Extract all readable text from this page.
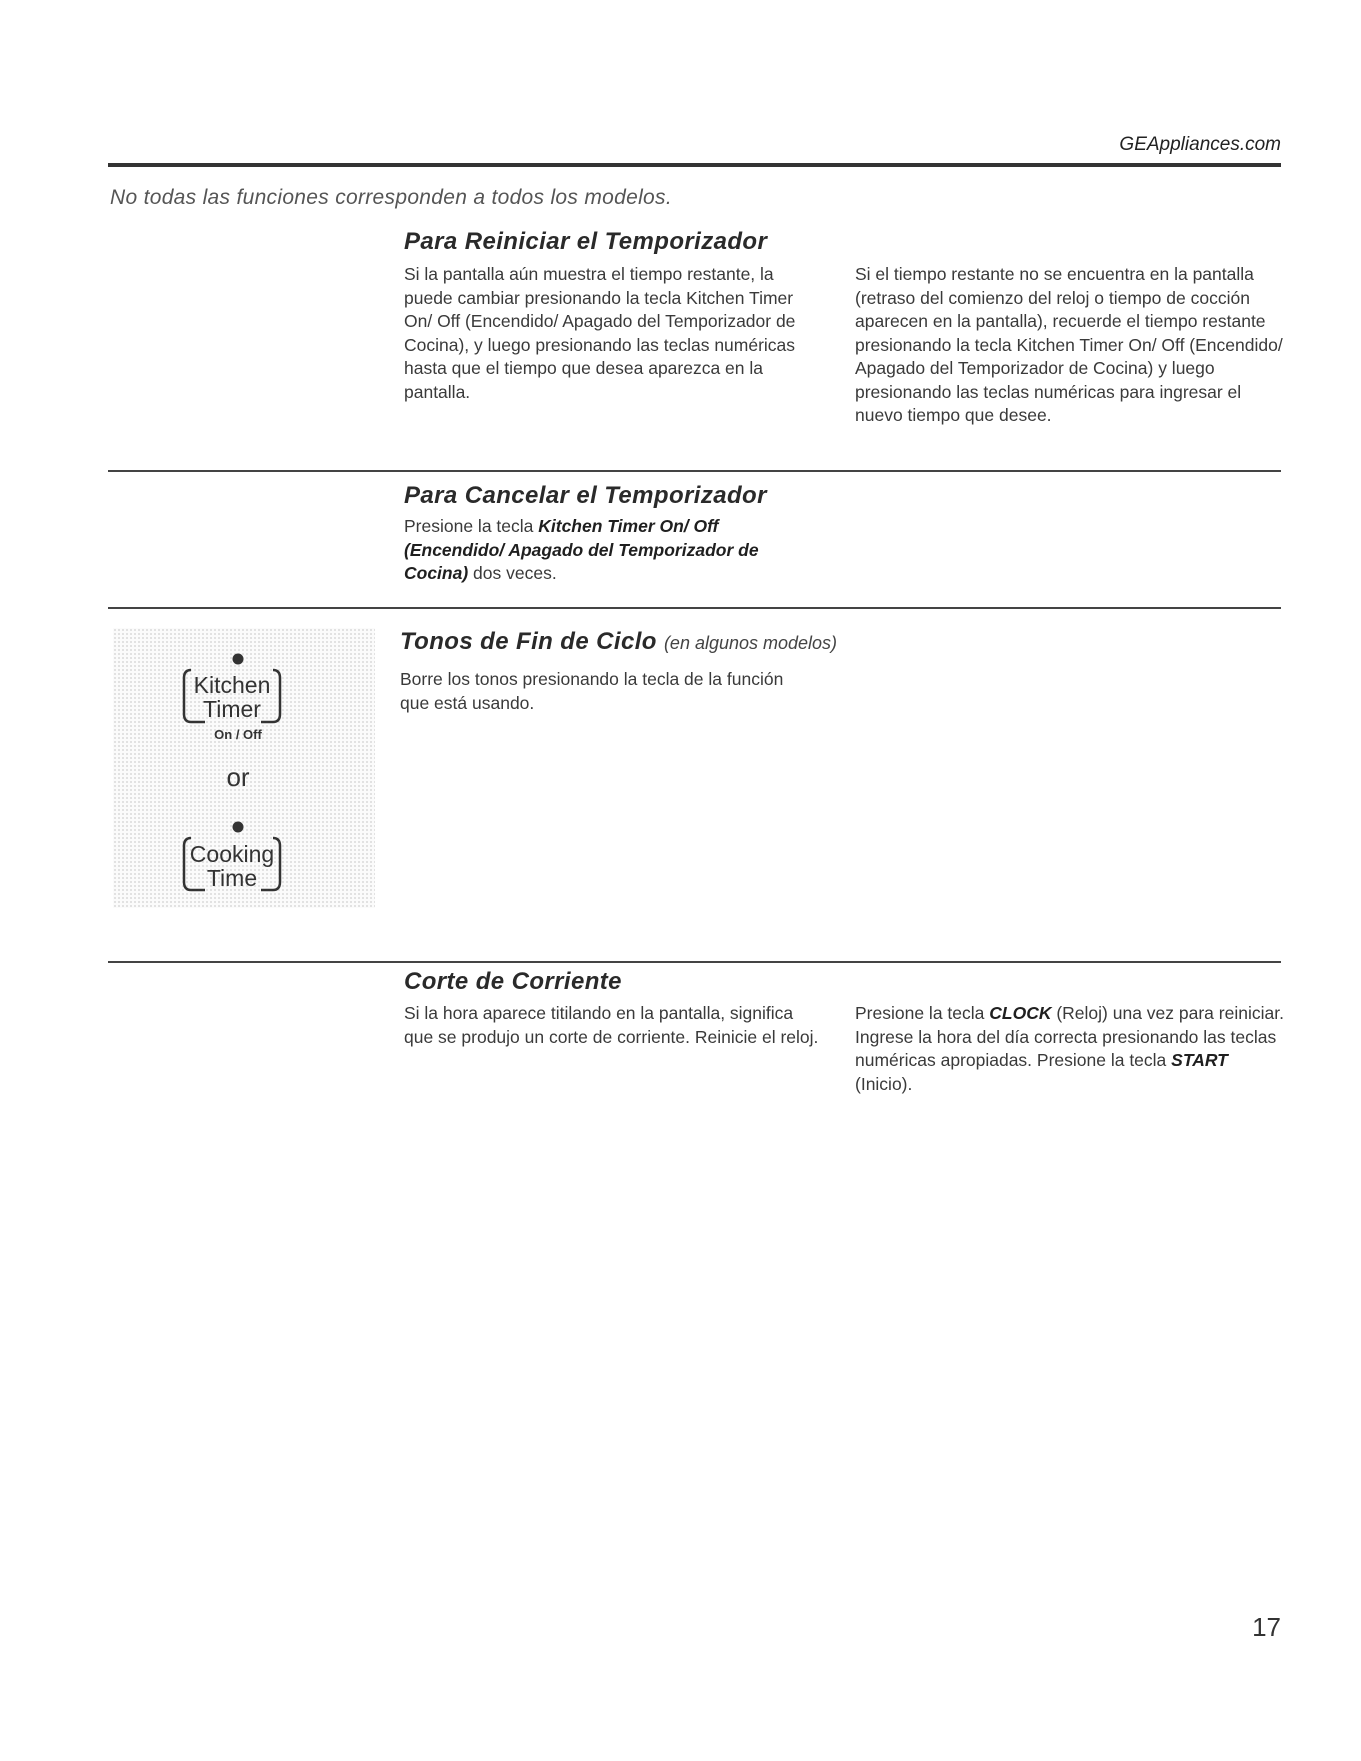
GEAppliances.com
No todas las funciones corresponden a todos los modelos.
Para Reiniciar el Temporizador
Si la pantalla aún muestra el tiempo restante, la puede cambiar presionando la tecla Kitchen Timer On/ Off (Encendido/ Apagado del Temporizador de Cocina), y luego presionando las teclas numéricas hasta que el tiempo que desea aparezca en la pantalla.
Si el tiempo restante no se encuentra en la pantalla (retraso del comienzo del reloj o tiempo de cocción aparecen en la pantalla), recuerde el tiempo restante presionando la tecla Kitchen Timer On/ Off (Encendido/ Apagado del Temporizador de Cocina) y luego presionando las teclas numéricas para ingresar el nuevo tiempo que desee.
Para Cancelar el Temporizador
Presione la tecla Kitchen Timer On/ Off (Encendido/ Apagado del Temporizador de Cocina) dos veces.
Kitchen
Timer
On / Off
or
Cooking
Time
Tonos de Fin de Ciclo (en algunos modelos)
Borre los tonos presionando la tecla de la función que está usando.
Corte de Corriente
Si la hora aparece titilando en la pantalla, significa que se produjo un corte de corriente. Reinicie el reloj.
Presione la tecla CLOCK (Reloj) una vez para reiniciar. Ingrese la hora del día correcta presionando las teclas numéricas apropiadas. Presione la tecla START (Inicio).
17
